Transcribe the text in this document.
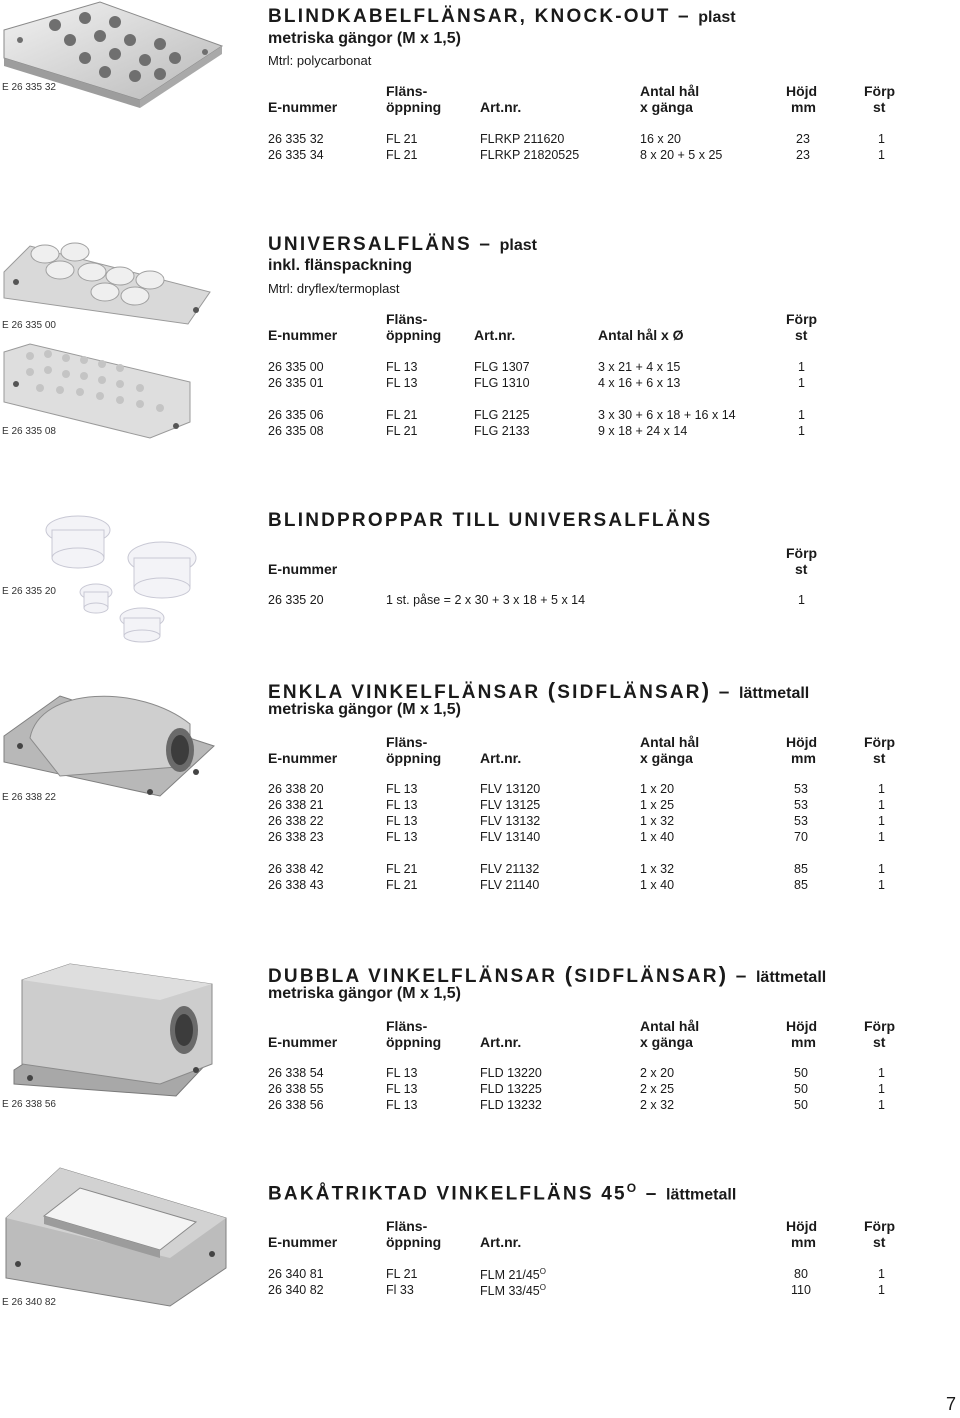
E 26 335 32
BLINDKABELFLÄNSAR, KNOCK-OUT – plast
metriska gängor (M x 1,5)
Mtrl: polycarbonat
Fläns-	Antal hål	Höjd	Förp
E-nummer	öppning	Art.nr.	x gänga	mm	st
26 335 32	FL 21	FLRKP 211620	16 x 20	23	1
26 335 34	FL 21	FLRKP 21820525	8 x 20 + 5 x 25	23	1
E 26 335 00
E 26 335 08
UNIVERSALFLÄNS – plast
inkl. flänspackning
Mtrl: dryflex/termoplast
Fläns-	Förp
E-nummer	öppning Art.nr.	Antal hål x Ø	st
26 335 00	FL 13	FLG 1307	3 x 21 + 4 x 15	1
26 335 01	FL 13	FLG 1310	4 x 16 + 6 x 13	1
26 335 06	FL 21	FLG 2125	3 x 30 + 6 x 18 + 16 x 14	1
26 335 08	FL 21	FLG 2133	9 x 18 + 24 x 14	1
E 26 335 20
BLINDPROPPAR TILL UNIVERSALFLÄNS
Förp
E-nummer	st
26 335 20	1 st. påse = 2 x 30 + 3 x 18 + 5 x 14	1
E 26 338 22
ENKLA VINKELFLÄNSAR (SIDFLÄNSAR) – lättmetall
metriska gängor (M x 1,5)
Fläns-	Antal hål	Höjd	Förp
E-nummer	öppning	Art.nr.	x gänga	mm	st
26 338 20	FL 13	FLV 13120	1 x 20	53	1
26 338 21	FL 13	FLV 13125	1 x 25	53	1
26 338 22	FL 13	FLV 13132	1 x 32	53	1
26 338 23	FL 13	FLV 13140	1 x 40	70	1
26 338 42	FL 21	FLV 21132	1 x 32	85	1
26 338 43	FL 21	FLV 21140	1 x 40	85	1
E 26 338 56
DUBBLA VINKELFLÄNSAR (SIDFLÄNSAR) – lättmetall
metriska gängor (M x 1,5)
Fläns-	Antal hål	Höjd	Förp
E-nummer	öppning	Art.nr.	x gänga	mm	st
26 338 54	FL 13	FLD 13220	2 x 20	50	1
26 338 55	FL 13	FLD 13225	2 x 25	50	1
26 338 56	FL 13	FLD 13232	2 x 32	50	1
E 26 340 82
BAKÅTRIKTAD VINKELFLÄNS $45^O$ – lättmetall
Fläns-	Höjd	Förp
E-nummer	öppning	Art.nr.	mm	st
26 340 81	FL 21	FLM $21/45^O$	80	1
26 340 82	Fl 33	FLM $33/45^O$	110	1
7
